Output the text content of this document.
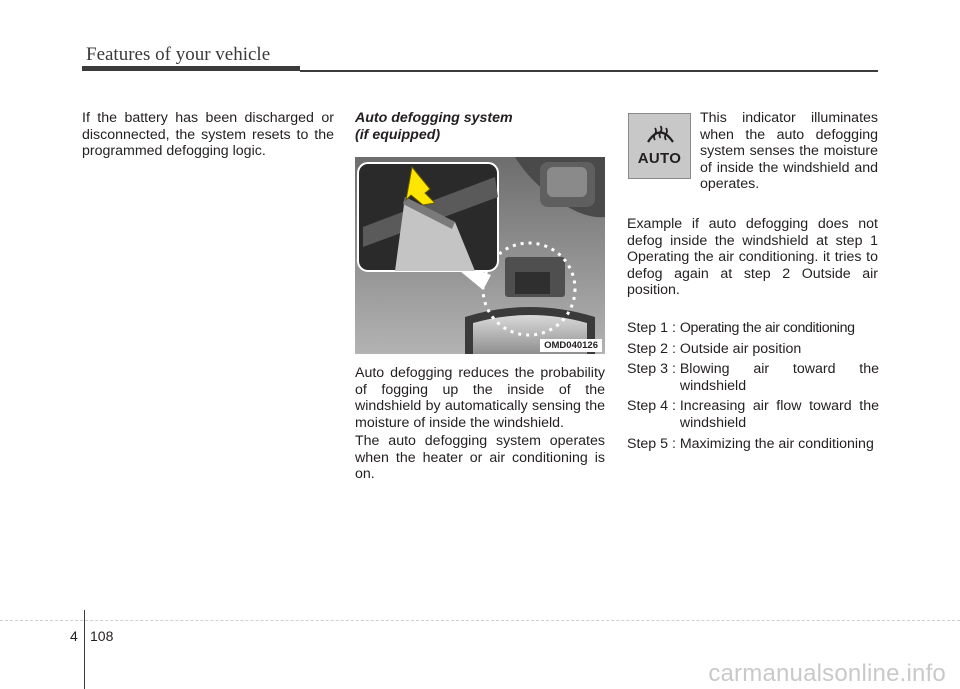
Features of your vehicle

If the battery has been discharged or disconnected, the system resets to the programmed defogging logic.

Auto defogging system
(if equipped)
OMD040126

Auto defogging reduces the probability of fogging up the inside of the windshield by automatically sensing the moisture of inside the windshield.

The auto defogging system operates when the heater or air conditioning is on.

AUTO

This indicator illuminates when the auto defogging system senses the moisture of inside the windshield and operates.

Example if auto defogging does not defog inside the windshield at step 1 Operating the air conditioning. it tries to defog again at step 2 Outside air position.

Step 1 : Operating the air conditioning
Step 2 : Outside air position
Step 3 : Blowing air toward the windshield
Step 4 : Increasing air flow toward the windshield
Step 5 : Maximizing the air conditioning
4 108
carmanualsonline.info
